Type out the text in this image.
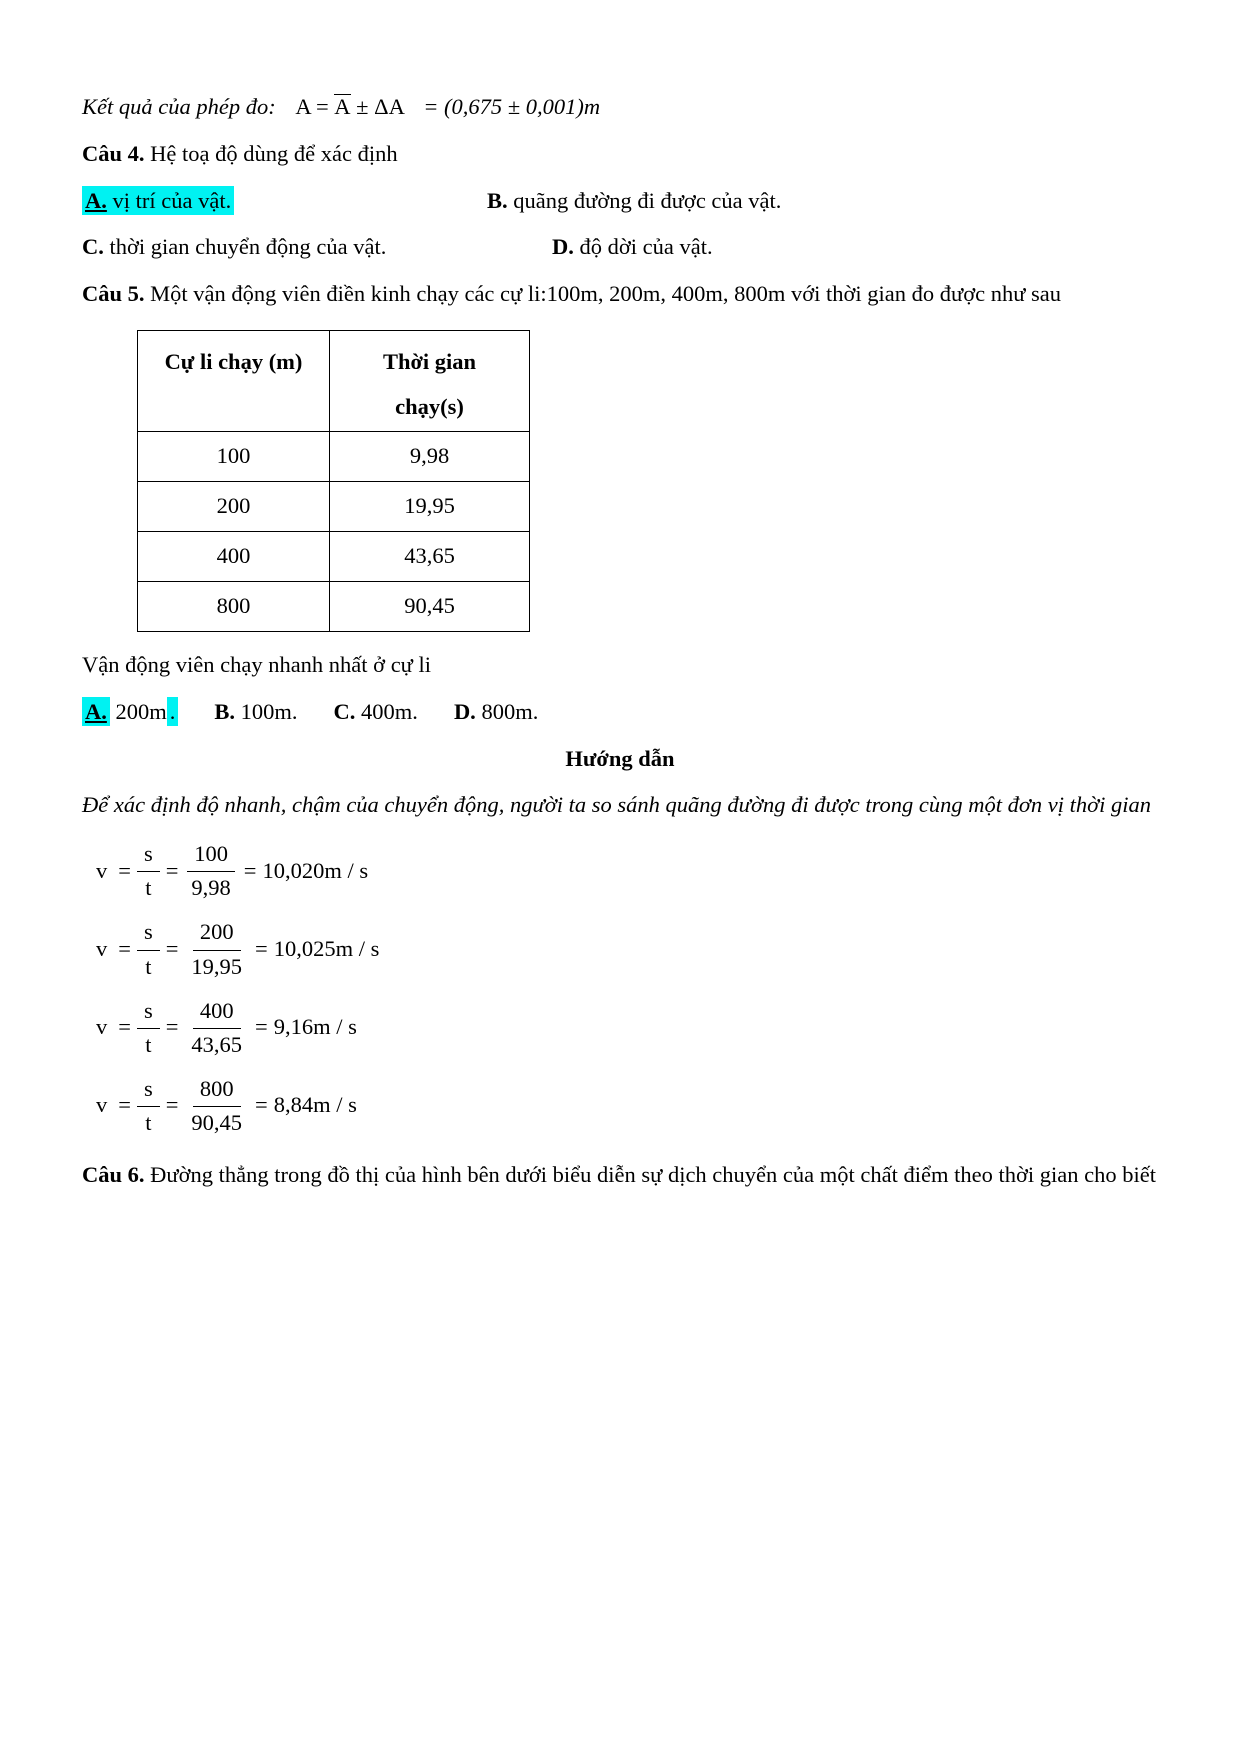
Kết quả của phép đo: A = A ± ΔA = (0,675 ± 0,001)m

Câu 4. Hệ toạ độ dùng để xác định

A. vị trí của vật.	B. quãng đường đi được của vật.
C. thời gian chuyển động của vật.	D. độ dời của vật.

Câu 5. Một vận động viên điền kinh chạy các cự li:100m, 200m, 400m, 800m với thời gian đo được như sau

Cự li chạy (m)	Thời gian
chạy(s)

100	9,98
200	19,95
400	43,65
800	90,45

Vận động viên chạy nhanh nhất ở cự li

A. 200m . B. 100m. C. 400m. D. 800m.

Hướng dẫn

Để xác định độ nhanh, chậm của chuyển động, người ta so sánh quãng đường đi được trong cùng một đơn vị thời gian

$v = \frac{s}{t} = \frac{100}{9,98} = 10,020m / s$
$v = \frac{s}{t} = \frac{200}{19,95} = 10,025m / s$
$v = \frac{s}{t} = \frac{400}{43,65} = 9,16m / s$
$v = \frac{s}{t} = \frac{800}{90,45} = 8,84m / s$

Câu 6. Đường thẳng trong đồ thị của hình bên dưới biểu diễn sự dịch chuyển của một chất điểm theo thời gian cho biết
